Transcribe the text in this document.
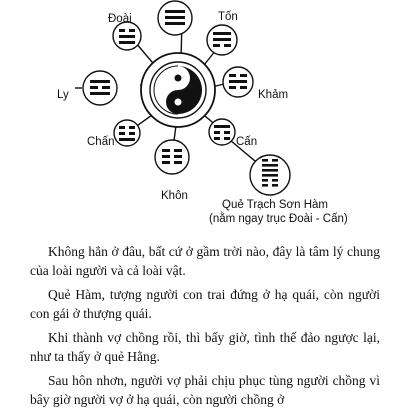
Đoài	Tốn
Ly	Khảm
Chấn	Cấn
Khôn
Quẻ Trạch Sơn Hàm
(nằm ngay trục Đoài - Cấn)

Không hẳn ở đâu, bất cứ ở gầm trời nào, đây là tâm lý chung của loài người và cả loài vật.

Quẻ Hàm, tượng người con trai đứng ở hạ quái, còn người con gái ở thượng quái.

Khi thành vợ chồng rồi, thì bấy giờ, tình thế đảo ngược lại, như ta thấy ở quẻ Hằng.

Sau hôn nhơn, người vợ phải chịu phục tùng người chồng vì bây giờ người vợ ở hạ quái, còn người chồng ở
